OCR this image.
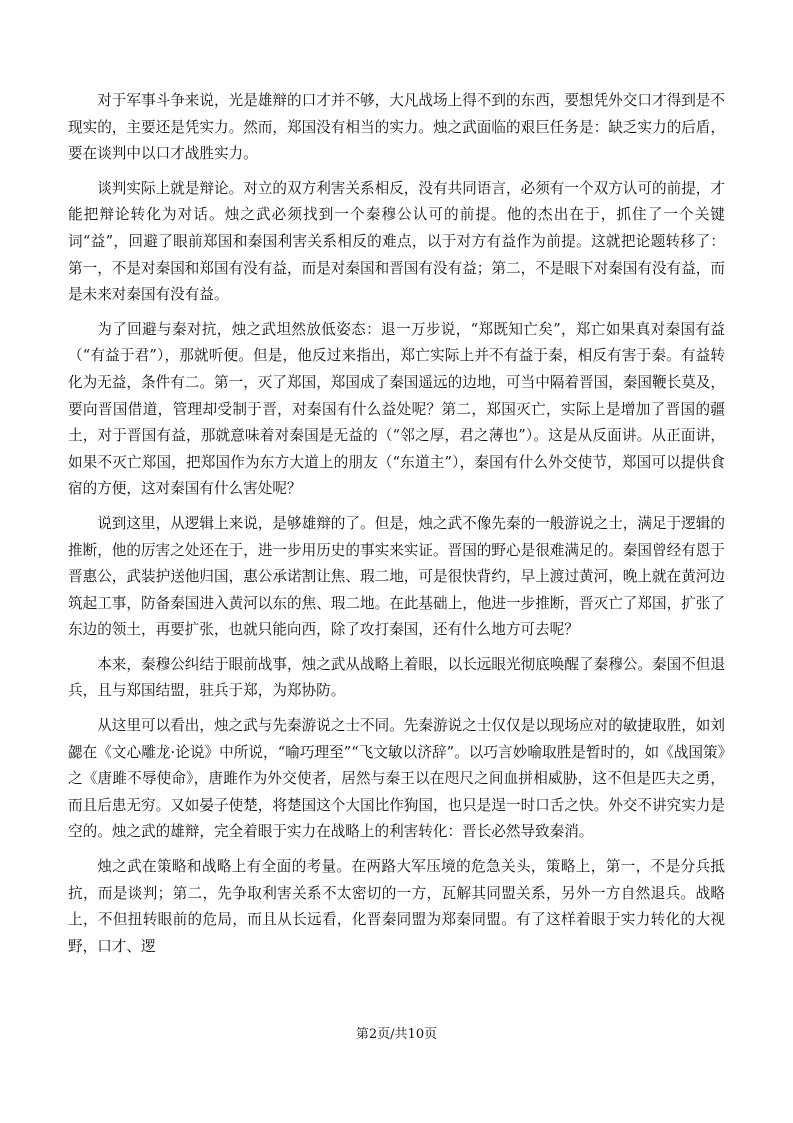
对于军事斗争来说，光是雄辩的口才并不够，大凡战场上得不到的东西，要想凭外交口才得到是不现实的，主要还是凭实力。然而，郑国没有相当的实力。烛之武面临的艰巨任务是：缺乏实力的后盾，要在谈判中以口才战胜实力。

谈判实际上就是辩论。对立的双方利害关系相反，没有共同语言，必须有一个双方认可的前提，才能把辩论转化为对话。烛之武必须找到一个秦穆公认可的前提。他的杰出在于，抓住了一个关键词“益”，回避了眼前郑国和秦国利害关系相反的难点，以于对方有益作为前提。这就把论题转移了：第一，不是对秦国和郑国有没有益，而是对秦国和晋国有没有益；第二，不是眼下对秦国有没有益，而是未来对秦国有没有益。

为了回避与秦对抗，烛之武坦然放低姿态：退一万步说，“郑既知亡矣”，郑亡如果真对秦国有益（“有益于君”），那就听便。但是，他反过来指出，郑亡实际上并不有益于秦，相反有害于秦。有益转化为无益，条件有二。第一，灭了郑国，郑国成了秦国遥远的边地，可当中隔着晋国，秦国鞭长莫及，要向晋国借道，管理却受制于晋，对秦国有什么益处呢？第二，郑国灭亡，实际上是增加了晋国的疆土，对于晋国有益，那就意味着对秦国是无益的（“邻之厚，君之薄也”）。这是从反面讲。从正面讲，如果不灭亡郑国，把郑国作为东方大道上的朋友（“东道主”），秦国有什么外交使节，郑国可以提供食宿的方便，这对秦国有什么害处呢？

说到这里，从逻辑上来说，是够雄辩的了。但是，烛之武不像先秦的一般游说之士，满足于逻辑的推断，他的厉害之处还在于，进一步用历史的事实来实证。晋国的野心是很难满足的。秦国曾经有恩于晋惠公，武装护送他归国，惠公承诺割让焦、瑕二地，可是很快背约，早上渡过黄河，晚上就在黄河边筑起工事，防备秦国进入黄河以东的焦、瑕二地。在此基础上，他进一步推断，晋灭亡了郑国，扩张了东边的领土，再要扩张，也就只能向西，除了攻打秦国，还有什么地方可去呢？

本来，秦穆公纠结于眼前战事，烛之武从战略上着眼，以长远眼光彻底唤醒了秦穆公。秦国不但退兵，且与郑国结盟，驻兵于郑，为郑协防。

从这里可以看出，烛之武与先秦游说之士不同。先秦游说之士仅仅是以现场应对的敏捷取胜，如刘勰在《文心雕龙·论说》中所说，“喻巧理至”“飞文敏以济辞”。以巧言妙喻取胜是暂时的，如《战国策》之《唐雎不辱使命》，唐雎作为外交使者，居然与秦王以在咫尺之间血拼相威胁，这不但是匹夫之勇，而且后患无穷。又如晏子使楚，将楚国这个大国比作狗国，也只是逞一时口舌之快。外交不讲究实力是空的。烛之武的雄辩，完全着眼于实力在战略上的利害转化：晋长必然导致秦消。

烛之武在策略和战略上有全面的考量。在两路大军压境的危急关头，策略上，第一，不是分兵抵抗，而是谈判；第二，先争取利害关系不太密切的一方，瓦解其同盟关系，另外一方自然退兵。战略上，不但扭转眼前的危局，而且从长远看，化晋秦同盟为郑秦同盟。有了这样着眼于实力转化的大视野，口才、逻

第2页/共10页
